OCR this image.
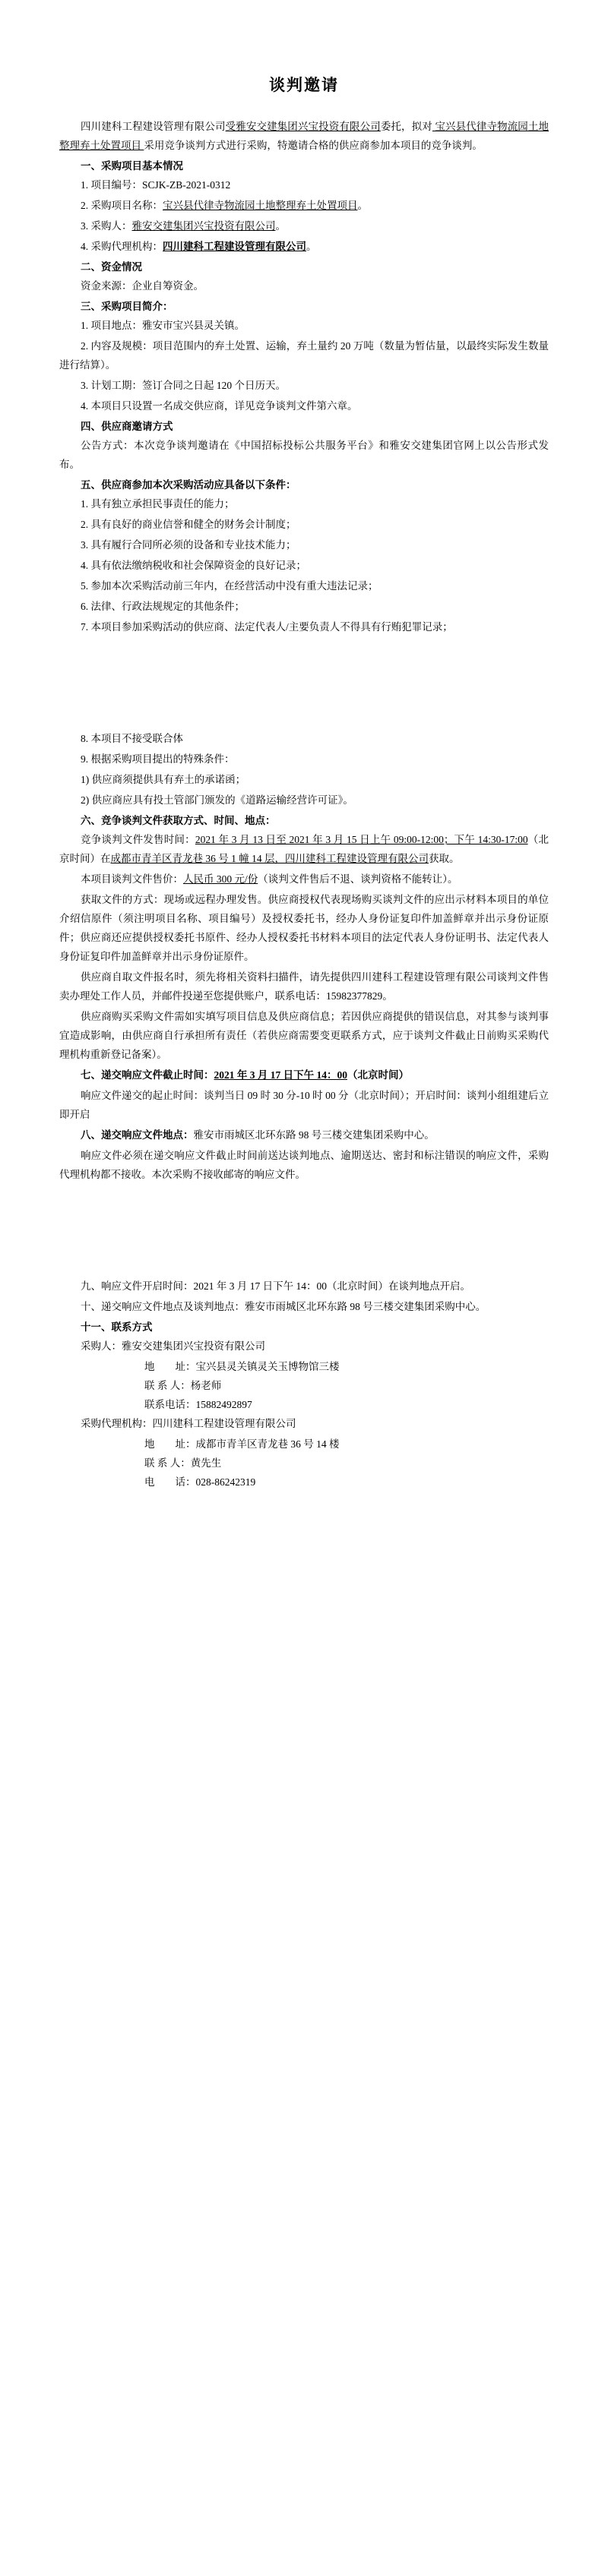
谈判邀请

四川建科工程建设管理有限公司受雅安交建集团兴宝投资有限公司委托，拟对 宝兴县代律寺物流园土地整理弃土处置项目 采用竞争谈判方式进行采购，特邀请合格的供应商参加本项目的竞争谈判。

一、采购项目基本情况

1. 项目编号：SCJK-ZB-2021-0312

2. 采购项目名称：宝兴县代律寺物流园土地整理弃土处置项目。

3. 采购人：雅安交建集团兴宝投资有限公司。

4. 采购代理机构：四川建科工程建设管理有限公司。

二、资金情况

资金来源：企业自筹资金。

三、采购项目简介：

1. 项目地点：雅安市宝兴县灵关镇。

2. 内容及规模：项目范围内的弃土处置、运输，弃土量约 20 万吨（数量为暂估量，以最终实际发生数量进行结算）。

3. 计划工期：签订合同之日起 120 个日历天。

4. 本项目只设置一名成交供应商，详见竞争谈判文件第六章。

四、供应商邀请方式

公告方式：本次竞争谈判邀请在《中国招标投标公共服务平台》和雅安交建集团官网上以公告形式发布。

五、供应商参加本次采购活动应具备以下条件：

1. 具有独立承担民事责任的能力；

2. 具有良好的商业信誉和健全的财务会计制度；

3. 具有履行合同所必须的设备和专业技术能力；

4. 具有依法缴纳税收和社会保障资金的良好记录；

5. 参加本次采购活动前三年内，在经营活动中没有重大违法记录；

6. 法律、行政法规规定的其他条件；

7. 本项目参加采购活动的供应商、法定代表人/主要负责人不得具有行贿犯罪记录；

8. 本项目不接受联合体

9. 根据采购项目提出的特殊条件：

1) 供应商须提供具有弃土的承诺函；

2) 供应商应具有投土管部门颁发的《道路运输经营许可证》。

六、竞争谈判文件获取方式、时间、地点：

竞争谈判文件发售时间：2021 年 3 月 13 日至 2021 年 3 月 15 日上午 09:00-12:00；下午 14:30-17:00（北京时间）在成都市青羊区青龙巷 36 号 1 幢 14 层，四川建科工程建设管理有限公司获取。

本项目谈判文件售价：人民币 300 元/份（谈判文件售后不退、谈判资格不能转让）。

获取文件的方式：现场或远程办理发售。供应商授权代表现场购买谈判文件的应出示材料本项目的单位介绍信原件（须注明项目名称、项目编号）及授权委托书，经办人身份证复印件加盖鲜章并出示身份证原件；供应商还应提供授权委托书原件、经办人授权委托书材料本项目的法定代表人身份证明书、法定代表人身份证复印件加盖鲜章并出示身份证原件。

供应商自取文件报名时，须先将相关资料扫描件，请先提供四川建科工程建设管理有限公司谈判文件售卖办理处工作人员，并邮件投递至您提供账户，联系电话：15982377829。

供应商购买采购文件需如实填写项目信息及供应商信息；若因供应商提供的错误信息，对其参与谈判事宜造成影响，由供应商自行承担所有责任（若供应商需要变更联系方式，应于谈判文件截止日前购买采购代理机构重新登记备案）。

七、递交响应文件截止时间：2021 年 3 月 17 日下午 14：00（北京时间）

响应文件递交的起止时间：谈判当日 09 时 30 分-10 时 00 分（北京时间）；开启时间：谈判小组组建后立即开启

八、递交响应文件地点：雅安市雨城区北环东路 98 号三楼交建集团采购中心。

响应文件必须在递交响应文件截止时间前送达谈判地点、逾期送达、密封和标注错误的响应文件，采购代理机构都不接收。本次采购不接收邮寄的响应文件。

九、响应文件开启时间：2021 年 3 月 17 日下午 14：00（北京时间）在谈判地点开启。

十、递交响应文件地点及谈判地点：雅安市雨城区北环东路 98 号三楼交建集团采购中心。

十一、联系方式

采购人：雅安交建集团兴宝投资有限公司

地　　址：宝兴县灵关镇灵关玉博物馆三楼

联 系 人：杨老师

联系电话：15882492897

采购代理机构：四川建科工程建设管理有限公司

地　　址：成都市青羊区青龙巷 36 号 14 楼

联 系 人：黄先生

电　　话：028-86242319
